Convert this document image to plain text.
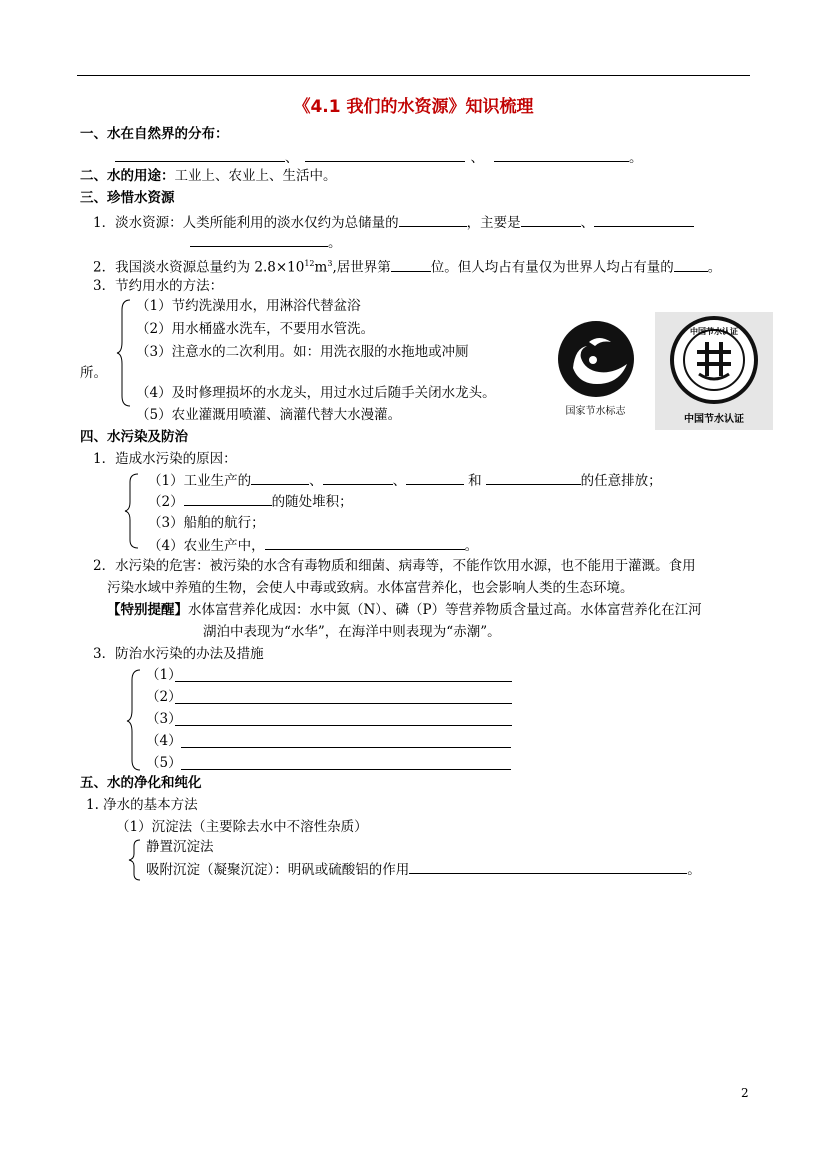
《4.1 我们的水资源》知识梳理
一、水在自然界的分布：
、	、	。
二、水的用途：工业上、农业上、生活中。
三、珍惜水资源
1．淡水资源：人类所能利用的淡水仅约为总储量的	，主要是	、
。
2．我国淡水资源总量约为 $2.8\times 10^{12}m^3$,居世界第	位。但人均占有量仅为世界人均占有量的	。
3．节约用水的方法：
（1）节约洗澡用水，用淋浴代替盆浴
（2）用水桶盛水洗车，不要用水管洗。
（3）注意水的二次利用。如：用洗衣服的水拖地或冲厕
所。
（4）及时修理损坏的水龙头，用过水过后随手关闭水龙头。
（5）农业灌溉用喷灌、滴灌代替大水漫灌。	国家节水标志
中国节水认证
中国节水认证
四、水污染及防治
1．造成水污染的原因：
（1）工业生产的	、	、	和	的任意排放；
（2）	的随处堆积；
（3）船舶的航行；
（4）农业生产中，	。
2．水污染的危害：被污染的水含有毒物质和细菌、病毒等，不能作饮用水源，也不能用于灌溉。食用
污染水域中养殖的生物，会使人中毒或致病。水体富营养化，也会影响人类的生态环境。
【特别提醒】水体富营养化成因：水中氮（N）、磷（P）等营养物质含量过高。水体富营养化在江河
湖泊中表现为“水华”，在海洋中则表现为“赤潮”。
3．防治水污染的办法及措施
（1）
（2）
（3）
（4）
（5）
五、水的净化和纯化
1. 净水的基本方法
（1）沉淀法（主要除去水中不溶性杂质）
静置沉淀法
吸附沉淀（凝聚沉淀）：明矾或硫酸铝的作用	。
2
